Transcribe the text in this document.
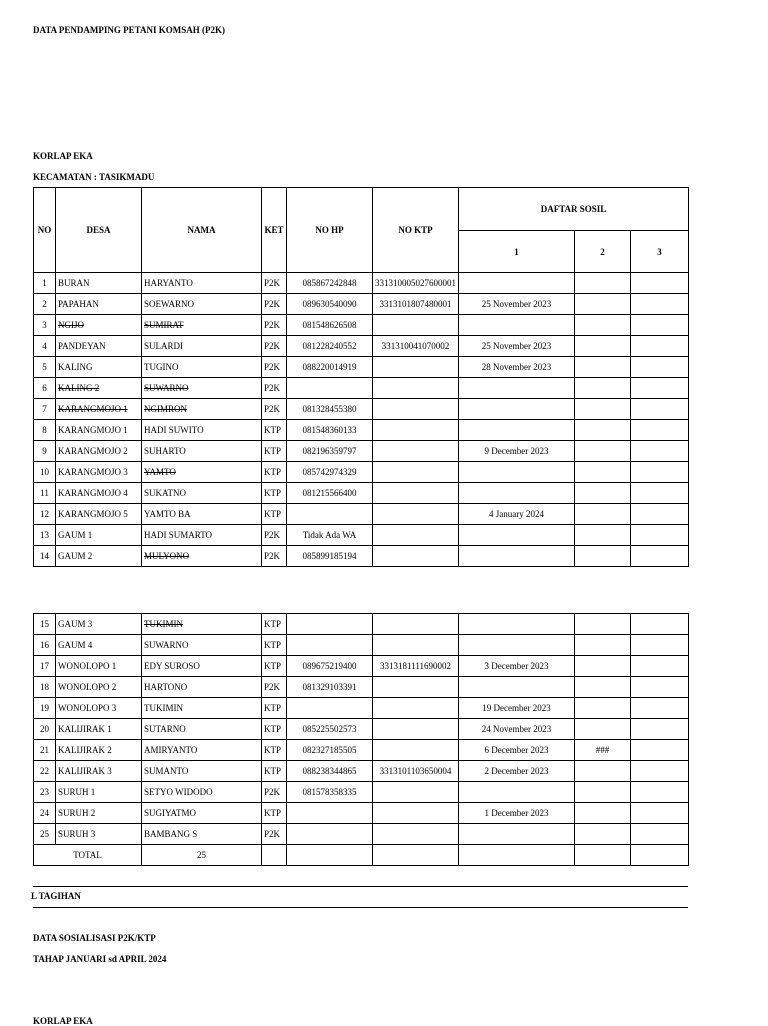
DATA PENDAMPING PETANI KOMSAH (P2K)
KORLAP EKA
KECAMATAN : TASIKMADU
NO	DESA	NAMA	KET	NO HP	NO KTP	DAFTAR SOSIL		
						1	2	3
1	BURAN	HARYANTO	P2K	085867242848	331310005027600001			
2	PAPAHAN	SOEWARNO	P2K	089630540090	3313101807480001	25 November 2023		
3	NGIJO	SUMIRAT	P2K	081548626508				
4	PANDEYAN	SULARDI	P2K	081228240552	331310041070002	25 November 2023		
5	KALING	TUGINO	P2K	088220014919		28 November 2023		
6	KALING 2	SUWARNO	P2K					
7	KARANGMOJO 1	NGIMRON	P2K	081328455380				
8	KARANGMOJO 1	HADI SUWITO	KTP	081548360133				
9	KARANGMOJO 2	SUHARTO	KTP	082196359797		9 December 2023		
10	KARANGMOJO 3	YAMTO	KTP	085742974329				
11	KARANGMOJO 4	SUKATNO	KTP	081215566400				
12	KARANGMOJO 5	YAMTO BA	KTP			4 January 2024		
13	GAUM 1	HADI SUMARTO	P2K	Tidak Ada WA				
14	GAUM 2	MULYONO	P2K	085899185194				
15	GAUM 3	TUKIMIN	KTP					
16	GAUM 4	SUWARNO	KTP					
17	WONOLOPO 1	EDY SUROSO	KTP	089675219400	3313181111690002	3 December 2023		
18	WONOLOPO 2	HARTONO	P2K	081329103391				
19	WONOLOPO 3	TUKIMIN	KTP			19 December 2023		
20	KALIJIRAK 1	SUTARNO	KTP	085225502573		24 November 2023		
21	KALIJIRAK 2	AMIRYANTO	KTP	082327185505		6 December 2023	###	
22	KALIJIRAK 3	SUMANTO	KTP	088238344865	3313101103650004	2 December 2023		
23	SURUH 1	SETYO WIDODO	P2K	081578358335				
24	SURUH 2	SUGIYATMO	KTP			1 December 2023		
25	SURUH 3	BAMBANG S	P2K					
TOTAL		25						
L TAGIHAN
DATA SOSIALISASI P2K/KTP
TAHAP JANUARI sd APRIL 2024
KORLAP EKA
